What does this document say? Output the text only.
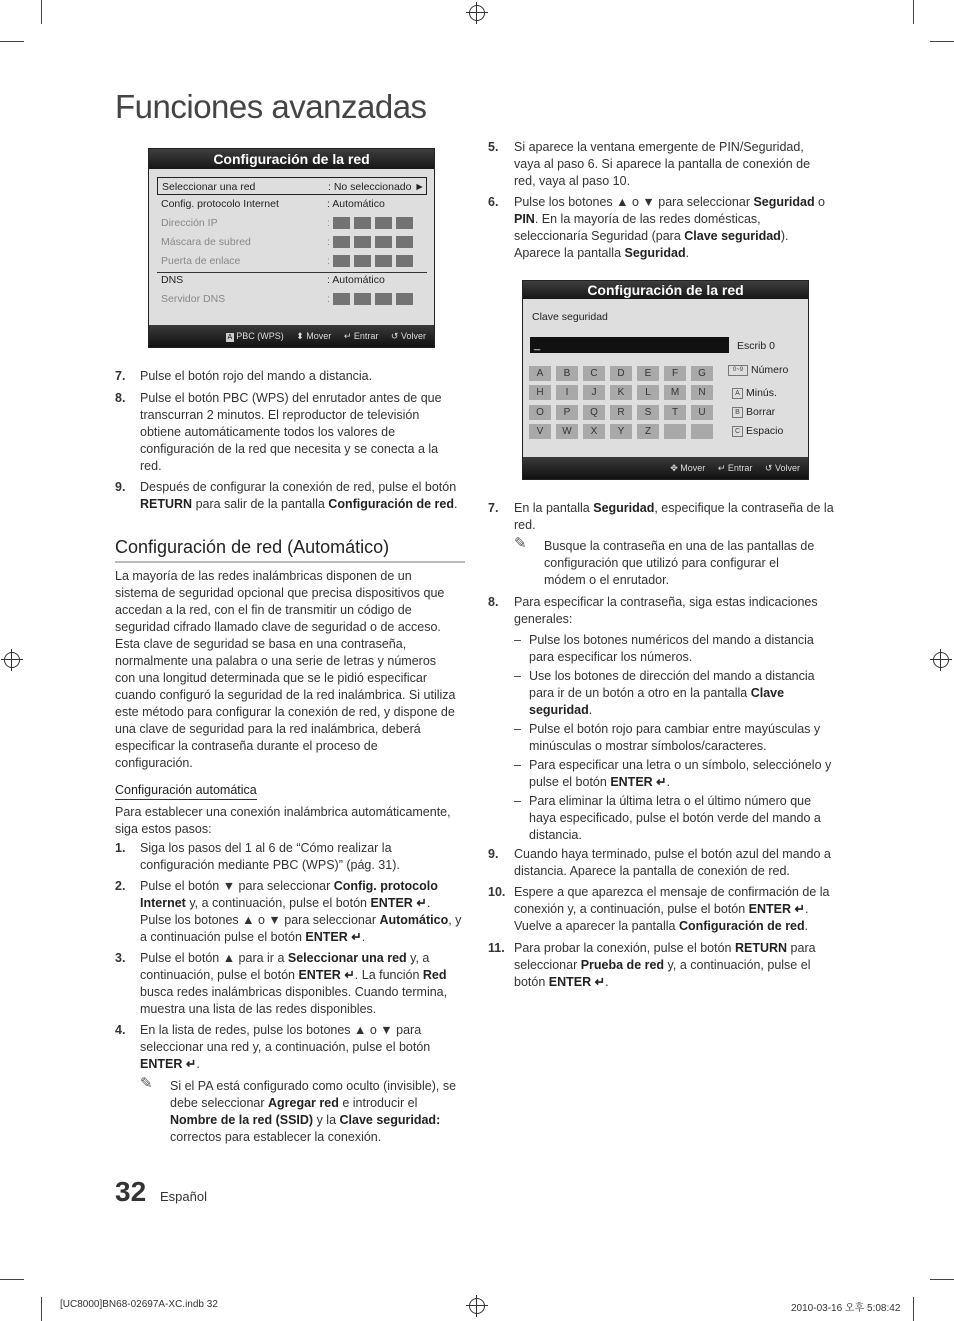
Funciones avanzadas
Configuración de la red
Seleccionar una red	: No seleccionado ►
Config. protocolo Internet	: Automático
Dirección IP	:
Máscara de subred	:
Puerta de enlace	:
DNS	: Automático
Servidor DNS	:
A PBC (WPS) ⬍ Mover ↵ Entrar ↺ Volver
7. Pulse el botón rojo del mando a distancia.
8. Pulse el botón PBC (WPS) del enrutador antes de que transcurran 2 minutos. El reproductor de televisión obtiene automáticamente todos los valores de configuración de la red que necesita y se conecta a la red.
9. Después de configurar la conexión de red, pulse el botón RETURN para salir de la pantalla Configuración de red.
Configuración de red (Automático)
La mayoría de las redes inalámbricas disponen de un sistema de seguridad opcional que precisa dispositivos que accedan a la red, con el fin de transmitir un código de seguridad cifrado llamado clave de seguridad o de acceso. Esta clave de seguridad se basa en una contraseña, normalmente una palabra o una serie de letras y números con una longitud determinada que se le pidió especificar cuando configuró la seguridad de la red inalámbrica. Si utiliza este método para configurar la conexión de red, y dispone de una clave de seguridad para la red inalámbrica, deberá especificar la contraseña durante el proceso de configuración.
Configuración automática
Para establecer una conexión inalámbrica automáticamente, siga estos pasos:
1. Siga los pasos del 1 al 6 de “Cómo realizar la configuración mediante PBC (WPS)” (pág. 31).
2. Pulse el botón ▼ para seleccionar Config. protocolo Internet y, a continuación, pulse el botón ENTER ↵. Pulse los botones ▲ o ▼ para seleccionar Automático, y a continuación pulse el botón ENTER ↵.
3. Pulse el botón ▲ para ir a Seleccionar una red y, a continuación, pulse el botón ENTER ↵. La función Red busca redes inalámbricas disponibles. Cuando termina, muestra una lista de las redes disponibles.
4. En la lista de redes, pulse los botones ▲ o ▼ para seleccionar una red y, a continuación, pulse el botón ENTER ↵.
✎ Si el PA está configurado como oculto (invisible), se debe seleccionar Agregar red e introducir el Nombre de la red (SSID) y la Clave seguridad: correctos para establecer la conexión.
32 Español
5. Si aparece la ventana emergente de PIN/Seguridad, vaya al paso 6. Si aparece la pantalla de conexión de red, vaya al paso 10.
6. Pulse los botones ▲ o ▼ para seleccionar Seguridad o PIN. En la mayoría de las redes domésticas, seleccionaría Seguridad (para Clave seguridad). Aparece la pantalla Seguridad.
Configuración de la red
Clave seguridad
_	Escrib 0
A	B	C	D	E	F	G
H	I	J	K	L	M	N
O	P	Q	R	S	T	U
V	W	X	Y	Z
0~9 Número
A Minús.
B Borrar
C Espacio
✥ Mover ↵ Entrar ↺ Volver
7. En la pantalla Seguridad, especifique la contraseña de la red.
✎ Busque la contraseña en una de las pantallas de configuración que utilizó para configurar el módem o el enrutador.
8. Para especificar la contraseña, siga estas indicaciones generales:
– Pulse los botones numéricos del mando a distancia para especificar los números.
– Use los botones de dirección del mando a distancia para ir de un botón a otro en la pantalla Clave seguridad.
– Pulse el botón rojo para cambiar entre mayúsculas y minúsculas o mostrar símbolos/caracteres.
– Para especificar una letra o un símbolo, selecciónelo y pulse el botón ENTER ↵.
– Para eliminar la última letra o el último número que haya especificado, pulse el botón verde del mando a distancia.
9. Cuando haya terminado, pulse el botón azul del mando a distancia. Aparece la pantalla de conexión de red.
10. Espere a que aparezca el mensaje de confirmación de la conexión y, a continuación, pulse el botón ENTER ↵. Vuelve a aparecer la pantalla Configuración de red.
11. Para probar la conexión, pulse el botón RETURN para seleccionar Prueba de red y, a continuación, pulse el botón ENTER ↵.
[UC8000]BN68-02697A-XC.indb 32	2010-03-16 오후 5:08:42
